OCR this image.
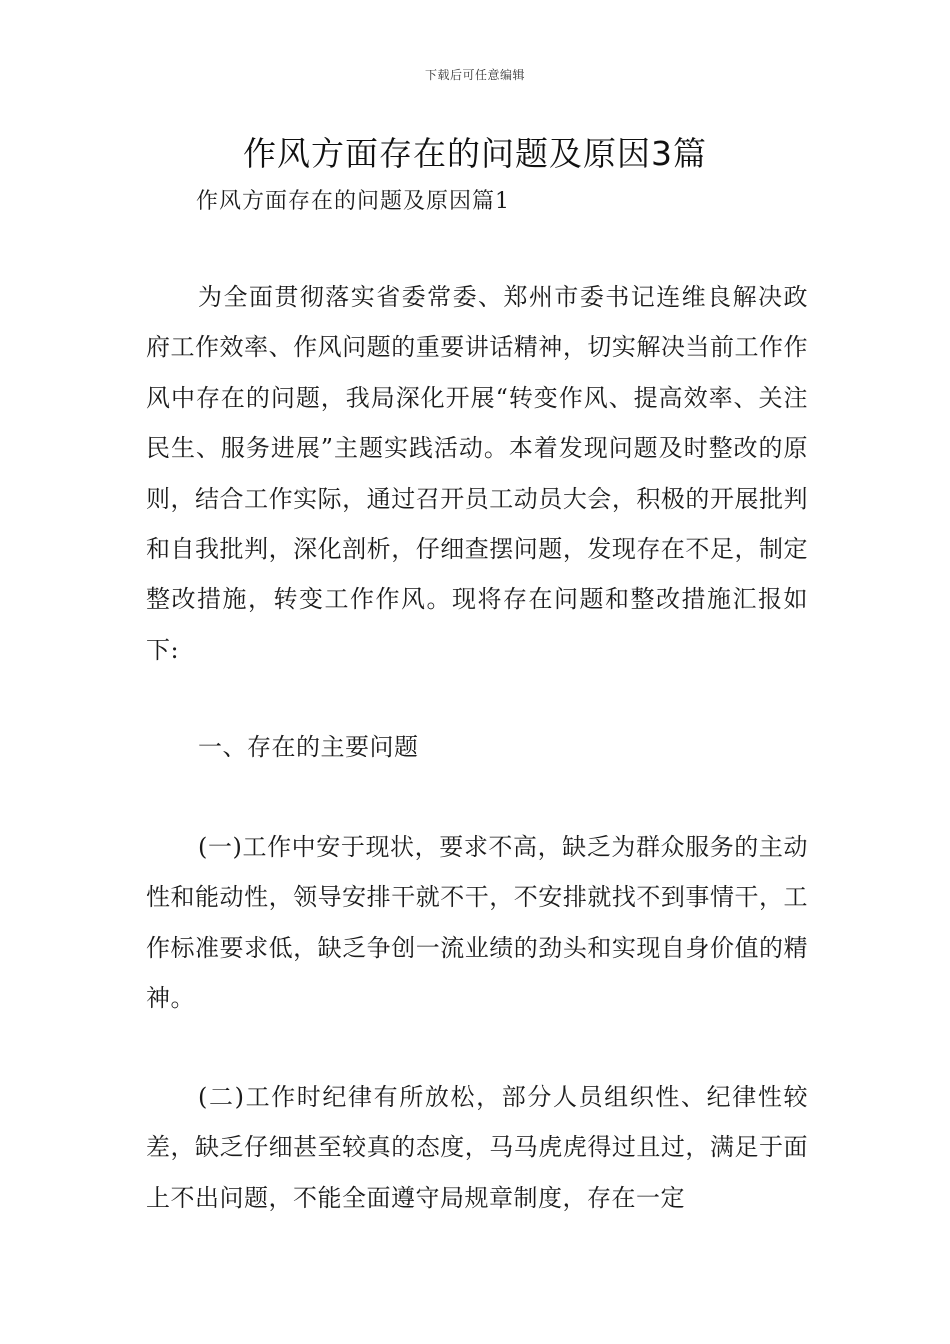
下载后可任意编辑
作风方面存在的问题及原因3篇
作风方面存在的问题及原因篇1

为全面贯彻落实省委常委、郑州市委书记连维良解决政府工作效率、作风问题的重要讲话精神，切实解决当前工作作风中存在的问题，我局深化开展“转变作风、提高效率、关注民生、服务进展”主题实践活动。本着发现问题及时整改的原则，结合工作实际，通过召开员工动员大会，积极的开展批判和自我批判，深化剖析，仔细查摆问题，发现存在不足，制定整改措施，转变工作作风。现将存在问题和整改措施汇报如下:

一、存在的主要问题

(一)工作中安于现状，要求不高，缺乏为群众服务的主动性和能动性，领导安排干就不干，不安排就找不到事情干，工作标准要求低，缺乏争创一流业绩的劲头和实现自身价值的精神。

(二)工作时纪律有所放松，部分人员组织性、纪律性较差，缺乏仔细甚至较真的态度，马马虎虎得过且过，满足于面上不出问题，不能全面遵守局规章制度，存在一定
